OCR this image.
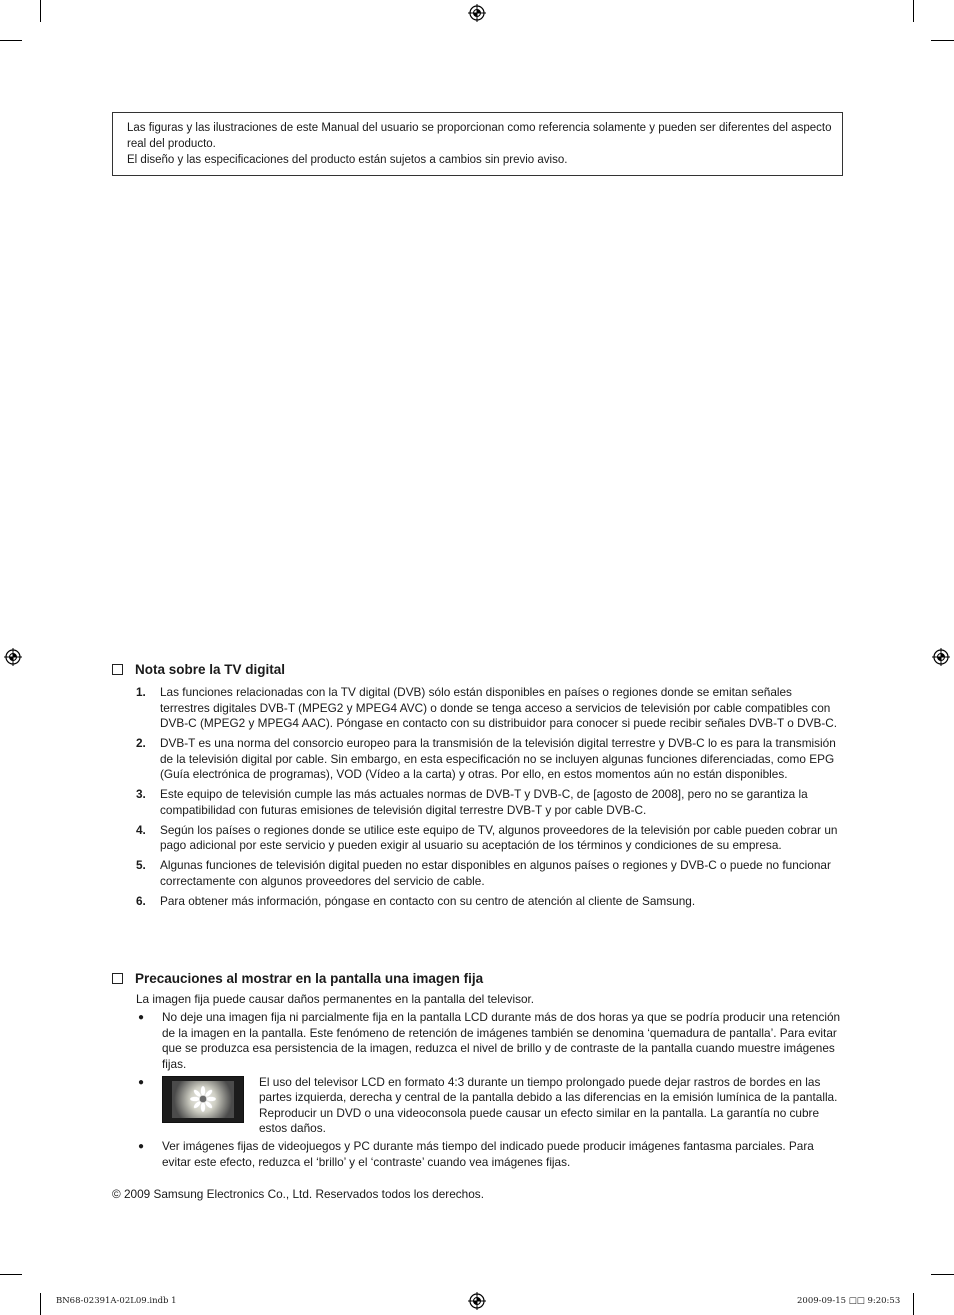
Las figuras y las ilustraciones de este Manual del usuario se proporcionan como referencia solamente y pueden ser diferentes del aspecto real del producto.

El diseño y las especificaciones del producto están sujetos a cambios sin previo aviso.

Nota sobre la TV digital
1.	Las funciones relacionadas con la TV digital (DVB) sólo están disponibles en países o regiones donde se emitan señales terrestres digitales DVB-T (MPEG2 y MPEG4 AVC) o donde se tenga acceso a servicios de televisión por cable compatibles con DVB-C (MPEG2 y MPEG4 AAC). Póngase en contacto con su distribuidor para conocer si puede recibir señales DVB-T o DVB-C.
2.	DVB-T es una norma del consorcio europeo para la transmisión de la televisión digital terrestre y DVB-C lo es para la transmisión de la televisión digital por cable. Sin embargo, en esta especificación no se incluyen algunas funciones diferenciadas, como EPG (Guía electrónica de programas), VOD (Vídeo a la carta) y otras. Por ello, en estos momentos aún no están disponibles.
3.	Este equipo de televisión cumple las más actuales normas de DVB-T y DVB-C, de [agosto de 2008], pero no se garantiza la compatibilidad con futuras emisiones de televisión digital terrestre DVB-T y por cable DVB-C.
4.	Según los países o regiones donde se utilice este equipo de TV, algunos proveedores de la televisión por cable pueden cobrar un pago adicional por este servicio y pueden exigir al usuario su aceptación de los términos y condiciones de su empresa.
5.	Algunas funciones de televisión digital pueden no estar disponibles en algunos países o regiones y DVB-C o puede no funcionar correctamente con algunos proveedores del servicio de cable.
6.	Para obtener más información, póngase en contacto con su centro de atención al cliente de Samsung.
Precauciones al mostrar en la pantalla una imagen fija
La imagen fija puede causar daños permanentes en la pantalla del televisor.
●	No deje una imagen fija ni parcialmente fija en la pantalla LCD durante más de dos horas ya que se podría producir una retención de la imagen en la pantalla. Este fenómeno de retención de imágenes también se denomina ‘quemadura de pantalla’. Para evitar que se produzca esa persistencia de la imagen, reduzca el nivel de brillo y de contraste de la pantalla cuando muestre imágenes fijas.
●	El uso del televisor LCD en formato 4:3 durante un tiempo prolongado puede dejar rastros de bordes en las partes izquierda, derecha y central de la pantalla debido a las diferencias en la emisión lumínica de la pantalla. Reproducir un DVD o una videoconsola puede causar un efecto similar en la pantalla. La garantía no cubre estos daños.
●	Ver imágenes fijas de videojuegos y PC durante más tiempo del indicado puede producir imágenes fantasma parciales. Para evitar este efecto, reduzca el ‘brillo’ y el ‘contraste’ cuando vea imágenes fijas.
© 2009 Samsung Electronics Co., Ltd. Reservados todos los derechos.
BN68-02391A-02L09.indb 1	2009-09-15 □□ 9:20:53
